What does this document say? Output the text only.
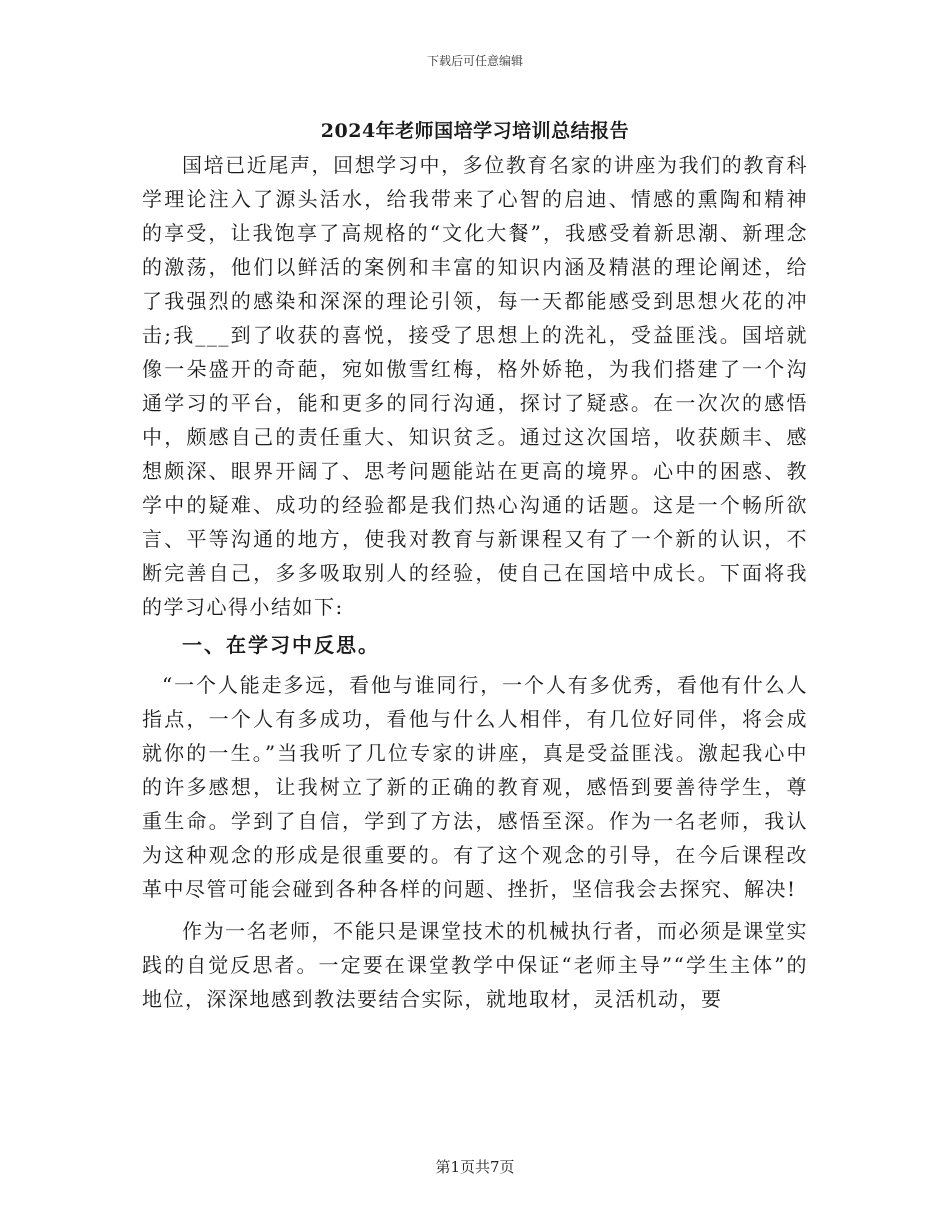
下载后可任意编辑
2024年老师国培学习培训总结报告

国培已近尾声，回想学习中，多位教育名家的讲座为我们的教育科学理论注入了源头活水，给我带来了心智的启迪、情感的熏陶和精神的享受，让我饱享了高规格的“文化大餐”，我感受着新思潮、新理念的激荡，他们以鲜活的案例和丰富的知识内涵及精湛的理论阐述，给了我强烈的感染和深深的理论引领，每一天都能感受到思想火花的冲击;我___到了收获的喜悦，接受了思想上的洗礼，受益匪浅。国培就像一朵盛开的奇葩，宛如傲雪红梅，格外娇艳，为我们搭建了一个沟通学习的平台，能和更多的同行沟通，探讨了疑惑。在一次次的感悟中，颇感自己的责任重大、知识贫乏。通过这次国培，收获颇丰、感想颇深、眼界开阔了、思考问题能站在更高的境界。心中的困惑、教学中的疑难、成功的经验都是我们热心沟通的话题。这是一个畅所欲言、平等沟通的地方，使我对教育与新课程又有了一个新的认识，不断完善自己，多多吸取别人的经验，使自己在国培中成长。下面将我的学习心得小结如下:

一、在学习中反思。

“一个人能走多远，看他与谁同行，一个人有多优秀，看他有什么人指点，一个人有多成功，看他与什么人相伴，有几位好同伴，将会成就你的一生。”当我听了几位专家的讲座，真是受益匪浅。激起我心中的许多感想，让我树立了新的正确的教育观，感悟到要善待学生，尊重生命。学到了自信，学到了方法，感悟至深。作为一名老师，我认为这种观念的形成是很重要的。有了这个观念的引导，在今后课程改革中尽管可能会碰到各种各样的问题、挫折，坚信我会去探究、解决!

作为一名老师，不能只是课堂技术的机械执行者，而必须是课堂实践的自觉反思者。一定要在课堂教学中保证“老师主导”“学生主体”的地位，深深地感到教法要结合实际，就地取材，灵活机动，要

第1页共7页
